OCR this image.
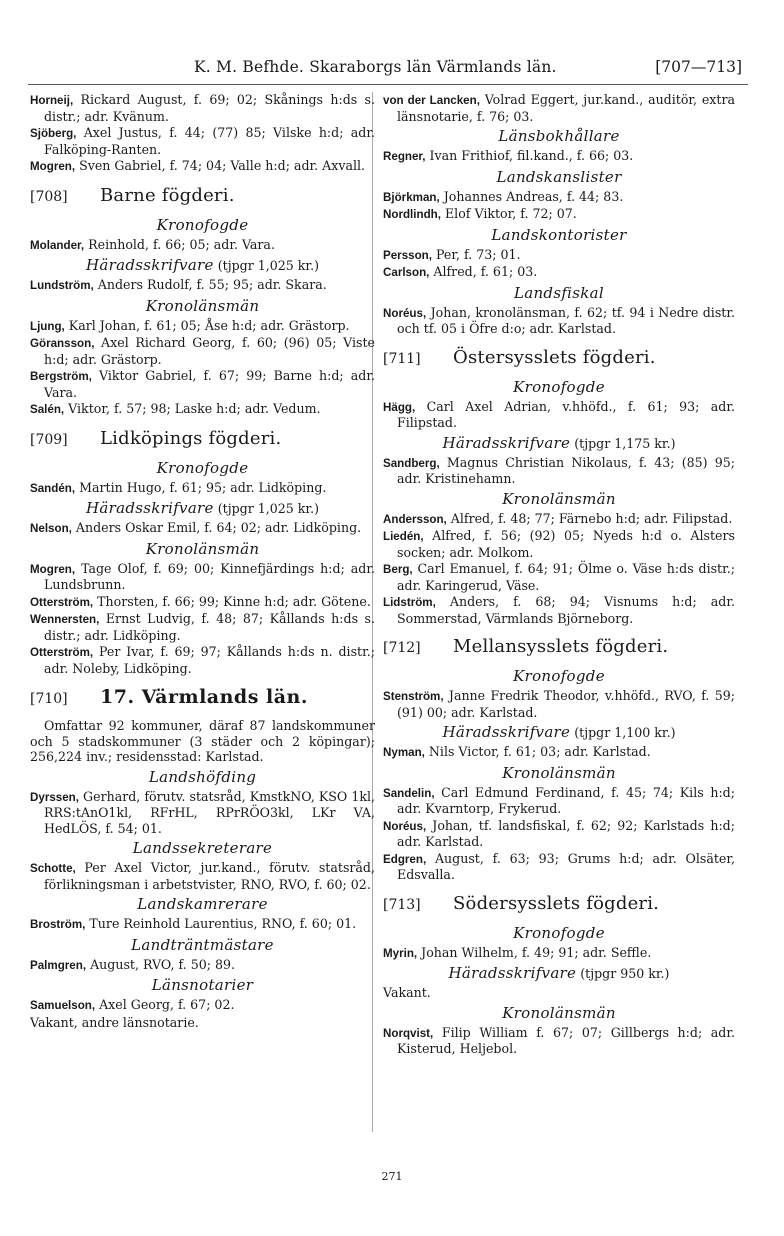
K. M. Befhde. Skaraborgs län Värmlands län.	[707—713]

Horneij, Rickard August, f. 69; 02; Skånings h:ds s. distr.; adr. Kvänum.

Sjöberg, Axel Justus, f. 44; (77) 85; Vilske h:d; adr. Falköping-Ranten.

Mogren, Sven Gabriel, f. 74; 04; Valle h:d; adr. Axvall.

[708]	Barne fögderi.
Kronofogde

Molander, Reinhold, f. 66; 05; adr. Vara.

Häradsskrifvare (tjpgr 1,025 kr.)

Lundström, Anders Rudolf, f. 55; 95; adr. Skara.

Kronolänsmän

Ljung, Karl Johan, f. 61; 05; Åse h:d; adr. Grästorp.

Göransson, Axel Richard Georg, f. 60; (96) 05; Viste h:d; adr. Grästorp.

Bergström, Viktor Gabriel, f. 67; 99; Barne h:d; adr. Vara.

Salén, Viktor, f. 57; 98; Laske h:d; adr. Vedum.

[709]	Lidköpings fögderi.
Kronofogde

Sandén, Martin Hugo, f. 61; 95; adr. Lidköping.

Häradsskrifvare (tjpgr 1,025 kr.)

Nelson, Anders Oskar Emil, f. 64; 02; adr. Lidköping.

Kronolänsmän

Mogren, Tage Olof, f. 69; 00; Kinnefjärdings h:d; adr. Lundsbrunn.

Otterström, Thorsten, f. 66; 99; Kinne h:d; adr. Götene.

Wennersten, Ernst Ludvig, f. 48; 87; Kållands h:ds s. distr.; adr. Lidköping.

Otterström, Per Ivar, f. 69; 97; Kållands h:ds n. distr.; adr. Noleby, Lidköping.

[710]	17. Värmlands län.

Omfattar 92 kommuner, däraf 87 landskommuner och 5 stadskommuner (3 städer och 2 köpingar); 256,224 inv.; residensstad: Karlstad.

Landshöfding

Dyrssen, Gerhard, förutv. statsråd, KmstkNO, KSO 1kl, RRS:tAnO1kl, RFrHL, RPrRÖO3kl, LKr VA, HedLÖS, f. 54; 01.

Landssekreterare

Schotte, Per Axel Victor, jur.kand., förutv. statsråd, förlikningsman i arbetstvister, RNO, RVO, f. 60; 02.

Landskamrerare

Broström, Ture Reinhold Laurentius, RNO, f. 60; 01.

Landträntmästare

Palmgren, August, RVO, f. 50; 89.

Länsnotarier

Samuelson, Axel Georg, f. 67; 02.

Vakant, andre länsnotarie.

von der Lancken, Volrad Eggert, jur.kand., auditör, extra länsnotarie, f. 76; 03.

Länsbokhållare

Regner, Ivan Frithiof, fil.kand., f. 66; 03.

Landskanslister

Björkman, Johannes Andreas, f. 44; 83.

Nordlindh, Elof Viktor, f. 72; 07.

Landskontorister

Persson, Per, f. 73; 01.

Carlson, Alfred, f. 61; 03.

Landsfiskal

Noréus, Johan, kronolänsman, f. 62; tf. 94 i Nedre distr. och tf. 05 i Öfre d:o; adr. Karlstad.

[711]	Östersysslets fögderi.
Kronofogde

Hägg, Carl Axel Adrian, v.hhöfd., f. 61; 93; adr. Filipstad.

Häradsskrifvare (tjpgr 1,175 kr.)

Sandberg, Magnus Christian Nikolaus, f. 43; (85) 95; adr. Kristinehamn.

Kronolänsmän

Andersson, Alfred, f. 48; 77; Färnebo h:d; adr. Filipstad.

Liedén, Alfred, f. 56; (92) 05; Nyeds h:d o. Alsters socken; adr. Molkom.

Berg, Carl Emanuel, f. 64; 91; Ölme o. Väse h:ds distr.; adr. Karingerud, Väse.

Lidström, Anders, f. 68; 94; Visnums h:d; adr. Sommerstad, Värmlands Björneborg.

[712]	Mellansysslets fögderi.
Kronofogde

Stenström, Janne Fredrik Theodor, v.hhöfd., RVO, f. 59; (91) 00; adr. Karlstad.

Häradsskrifvare (tjpgr 1,100 kr.)

Nyman, Nils Victor, f. 61; 03; adr. Karlstad.

Kronolänsmän

Sandelin, Carl Edmund Ferdinand, f. 45; 74; Kils h:d; adr. Kvarntorp, Frykerud.

Noréus, Johan, tf. landsfiskal, f. 62; 92; Karlstads h:d; adr. Karlstad.

Edgren, August, f. 63; 93; Grums h:d; adr. Olsäter, Edsvalla.

[713]	Södersysslets fögderi.
Kronofogde

Myrin, Johan Wilhelm, f. 49; 91; adr. Seffle.

Häradsskrifvare (tjpgr 950 kr.)

Vakant.

Kronolänsmän

Norqvist, Filip William f. 67; 07; Gillbergs h:d; adr. Kisterud, Heljebol.

271
